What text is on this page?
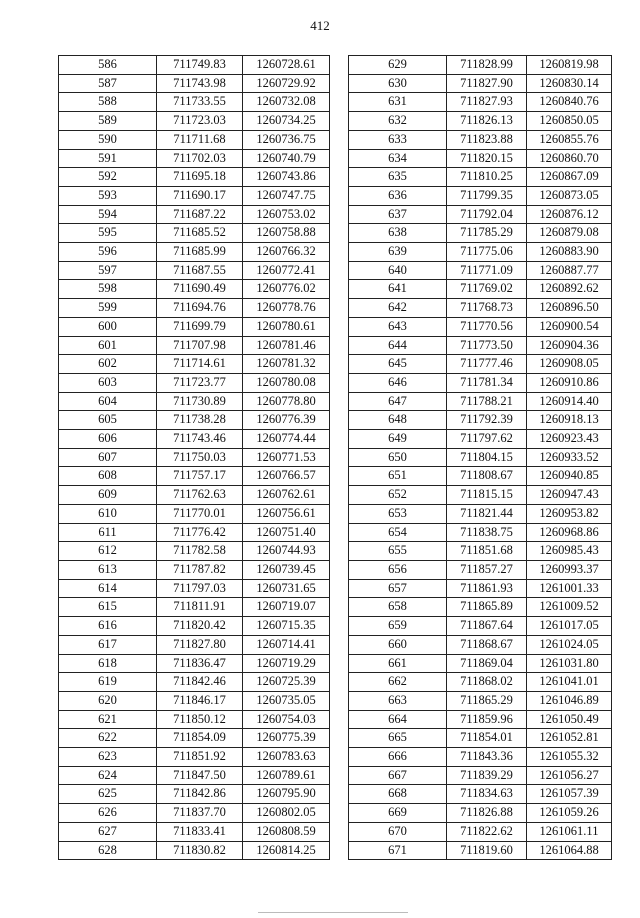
412
586	711749.83	1260728.61
587	711743.98	1260729.92
588	711733.55	1260732.08
589	711723.03	1260734.25
590	711711.68	1260736.75
591	711702.03	1260740.79
592	711695.18	1260743.86
593	711690.17	1260747.75
594	711687.22	1260753.02
595	711685.52	1260758.88
596	711685.99	1260766.32
597	711687.55	1260772.41
598	711690.49	1260776.02
599	711694.76	1260778.76
600	711699.79	1260780.61
601	711707.98	1260781.46
602	711714.61	1260781.32
603	711723.77	1260780.08
604	711730.89	1260778.80
605	711738.28	1260776.39
606	711743.46	1260774.44
607	711750.03	1260771.53
608	711757.17	1260766.57
609	711762.63	1260762.61
610	711770.01	1260756.61
611	711776.42	1260751.40
612	711782.58	1260744.93
613	711787.82	1260739.45
614	711797.03	1260731.65
615	711811.91	1260719.07
616	711820.42	1260715.35
617	711827.80	1260714.41
618	711836.47	1260719.29
619	711842.46	1260725.39
620	711846.17	1260735.05
621	711850.12	1260754.03
622	711854.09	1260775.39
623	711851.92	1260783.63
624	711847.50	1260789.61
625	711842.86	1260795.90
626	711837.70	1260802.05
627	711833.41	1260808.59
628	711830.82	1260814.25
629	711828.99	1260819.98
630	711827.90	1260830.14
631	711827.93	1260840.76
632	711826.13	1260850.05
633	711823.88	1260855.76
634	711820.15	1260860.70
635	711810.25	1260867.09
636	711799.35	1260873.05
637	711792.04	1260876.12
638	711785.29	1260879.08
639	711775.06	1260883.90
640	711771.09	1260887.77
641	711769.02	1260892.62
642	711768.73	1260896.50
643	711770.56	1260900.54
644	711773.50	1260904.36
645	711777.46	1260908.05
646	711781.34	1260910.86
647	711788.21	1260914.40
648	711792.39	1260918.13
649	711797.62	1260923.43
650	711804.15	1260933.52
651	711808.67	1260940.85
652	711815.15	1260947.43
653	711821.44	1260953.82
654	711838.75	1260968.86
655	711851.68	1260985.43
656	711857.27	1260993.37
657	711861.93	1261001.33
658	711865.89	1261009.52
659	711867.64	1261017.05
660	711868.67	1261024.05
661	711869.04	1261031.80
662	711868.02	1261041.01
663	711865.29	1261046.89
664	711859.96	1261050.49
665	711854.01	1261052.81
666	711843.36	1261055.32
667	711839.29	1261056.27
668	711834.63	1261057.39
669	711826.88	1261059.26
670	711822.62	1261061.11
671	711819.60	1261064.88
